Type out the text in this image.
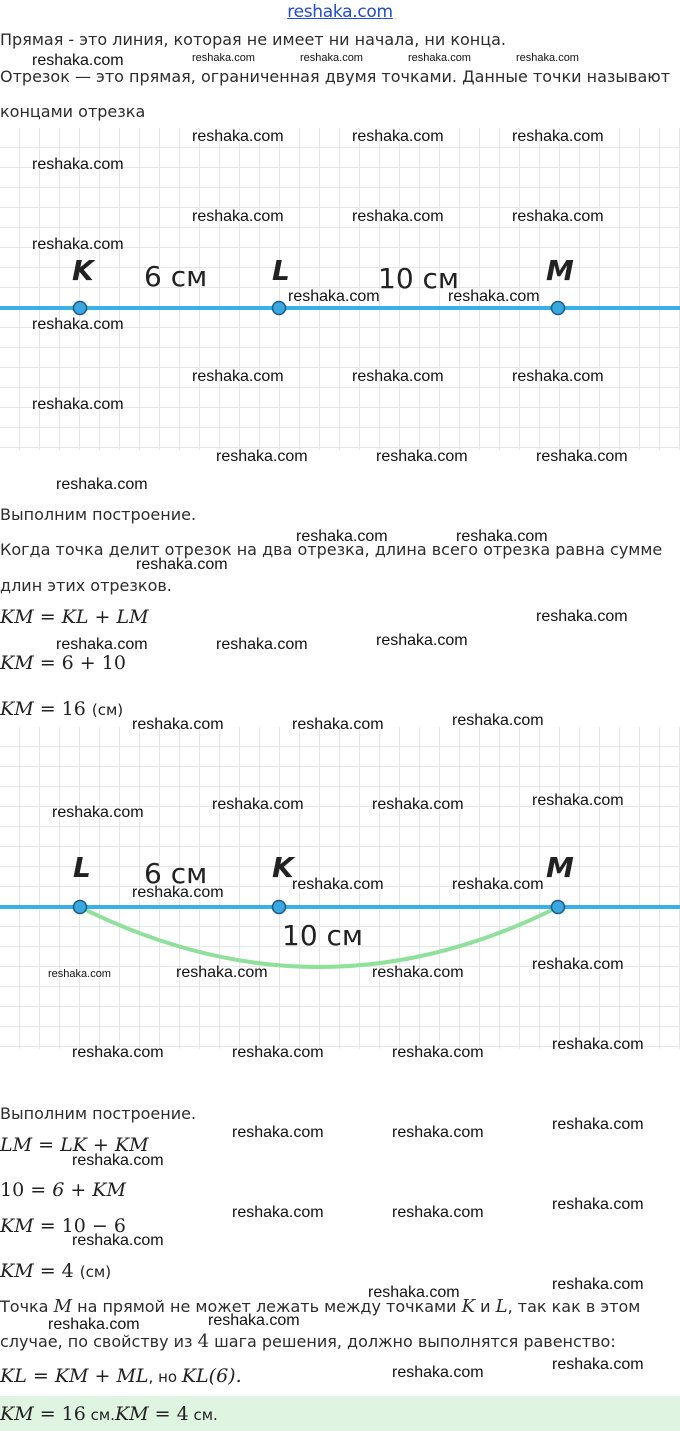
reshaka.com
Прямая - это линия, которая не имеет ни начала, ни конца.
Отрезок — это прямая, ограниченная двумя точками. Данные точки называют
концами отрезка
K	L	M
6 см	10 см
Выполним построение.
Когда точка делит отрезок на два отрезка, длина всего отрезка равна сумме
длин этих отрезков.
KM = KL + LM
KM = 6 + 10
KM = 16 (см)
L	K	M
6 см
10 см
Выполним построение.
LM = LK + KM
10 = 6 + KM
KM = 10 − 6
KM = 4 (см)
Точка M на прямой не может лежать между точками K и L, так как в этом
случае, по свойству из 4 шага решения, должно выполнятся равенство:
KL = KM + ML, но KL(6).
KM = 16 см.KM = 4 см.
reshaka.com	reshaka.com	reshaka.com	reshaka.com	reshaka.com
reshaka.com	reshaka.com	reshaka.com
reshaka.com
reshaka.com	reshaka.com	reshaka.com
reshaka.com
reshaka.com	reshaka.com
reshaka.com
reshaka.com	reshaka.com	reshaka.com
reshaka.com
reshaka.com	reshaka.com	reshaka.com
reshaka.com
reshaka.com	reshaka.com
reshaka.com
reshaka.com
reshaka.com	reshaka.com	reshaka.com
reshaka.com	reshaka.com	reshaka.com
reshaka.com	reshaka.com	reshaka.com	reshaka.com
reshaka.com	reshaka.com	reshaka.com
reshaka.com	reshaka.com	reshaka.com	reshaka.com
reshaka.com	reshaka.com	reshaka.com	reshaka.com
reshaka.com	reshaka.com	reshaka.com
reshaka.com
reshaka.com	reshaka.com	reshaka.com
reshaka.com
reshaka.com	reshaka.com
reshaka.com	reshaka.com
reshaka.com	reshaka.com
